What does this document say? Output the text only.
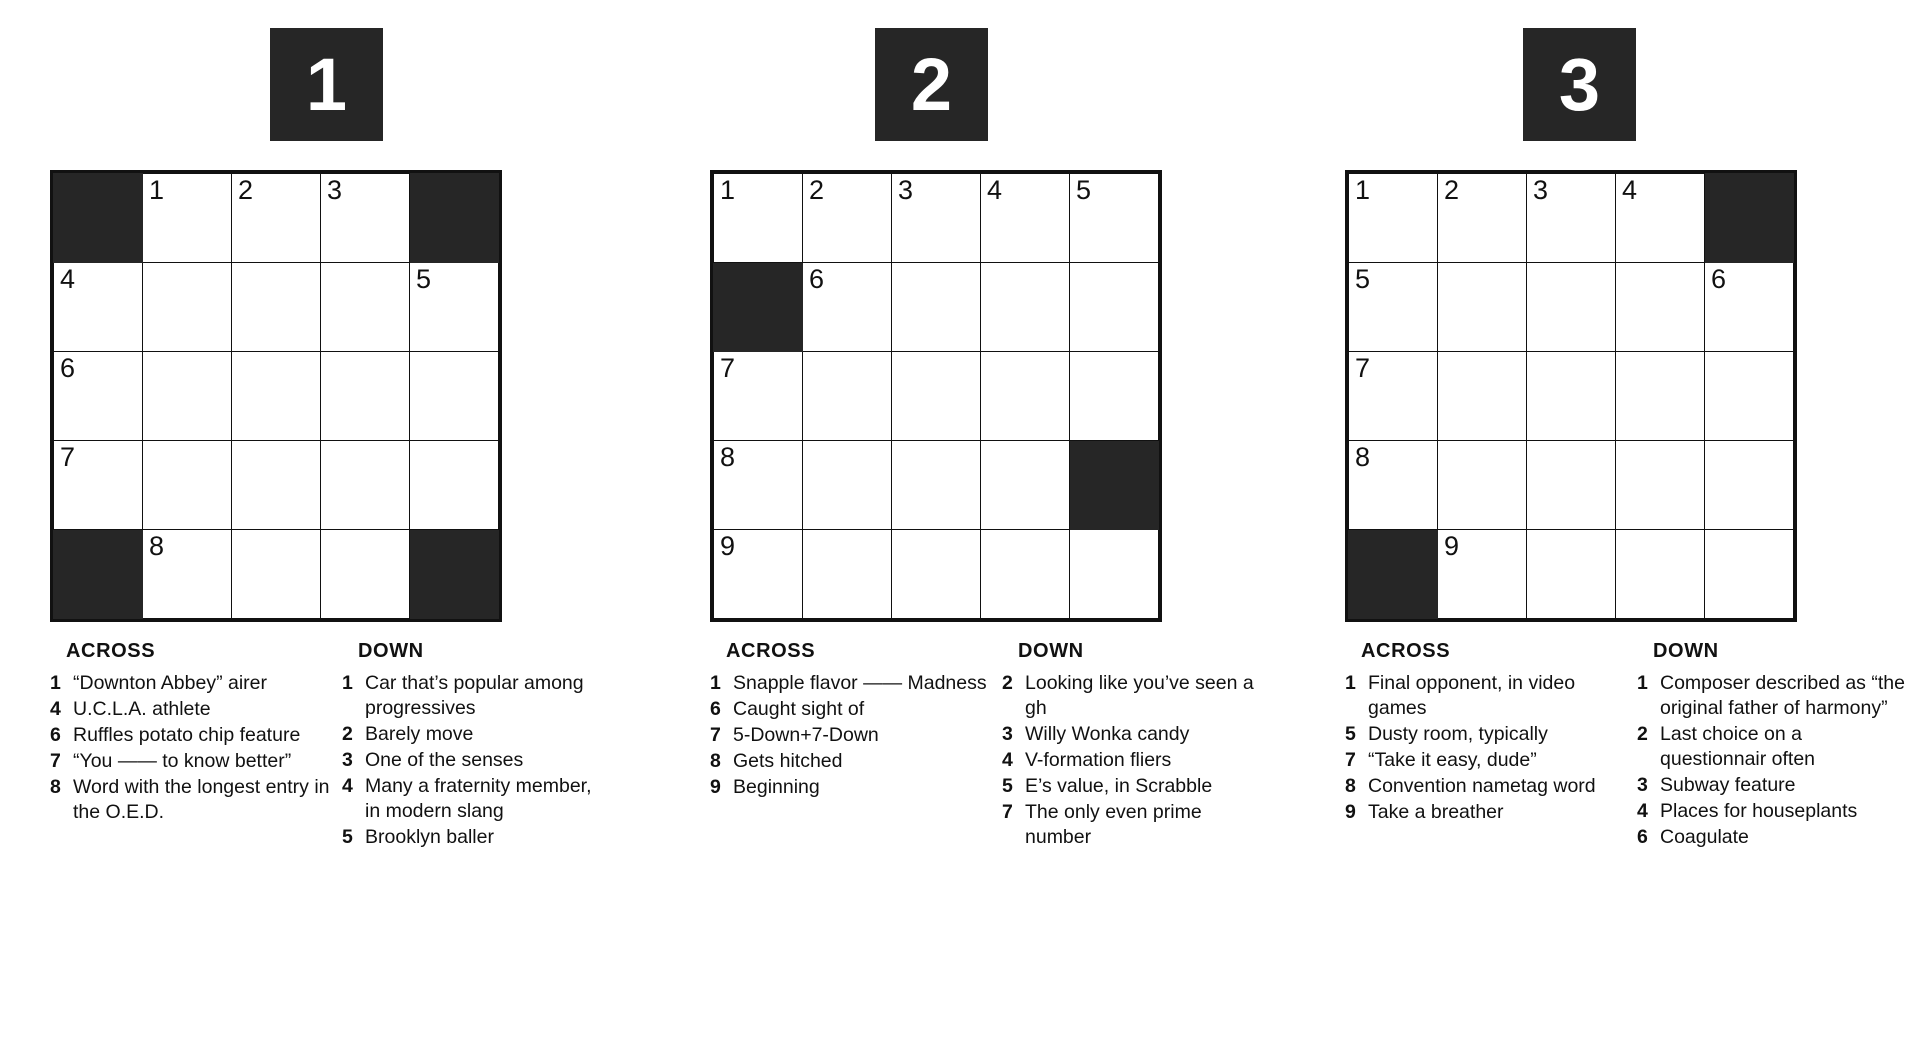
1

	1	2	3	

4				5

6				

7				

	8			

ACROSS
1 “Downton Abbey” airer
4 U.C.L.A. athlete
6 Ruffles potato chip feature
7 “You —— to know better”
8 Word with the longest entry in the O.E.D.
DOWN
1 Car that’s popular among progressives
2 Barely move
3 One of the senses
4 Many a fraternity member, in modern slang
5 Brooklyn baller
2
1	2	3	4	5

	6			

7				

8				

9				

ACROSS
1 Snapple flavor —— Madness
6 Caught sight of
7 5-Down+7-Down
8 Gets hitched
9 Beginning
DOWN
2 Looking like you’ve seen a gh
3 Willy Wonka candy
4 V-formation fliers
5 E’s value, in Scrabble
7 The only even prime number
3
1	2	3	4	

5				6

7				

8				

	9			

ACROSS
1 Final opponent, in video games
5 Dusty room, typically
7 “Take it easy, dude”
8 Convention nametag word
9 Take a breather
DOWN
1 Composer described as “the original father of harmony”
2 Last choice on a questionnair often
3 Subway feature
4 Places for houseplants
6 Coagulate
